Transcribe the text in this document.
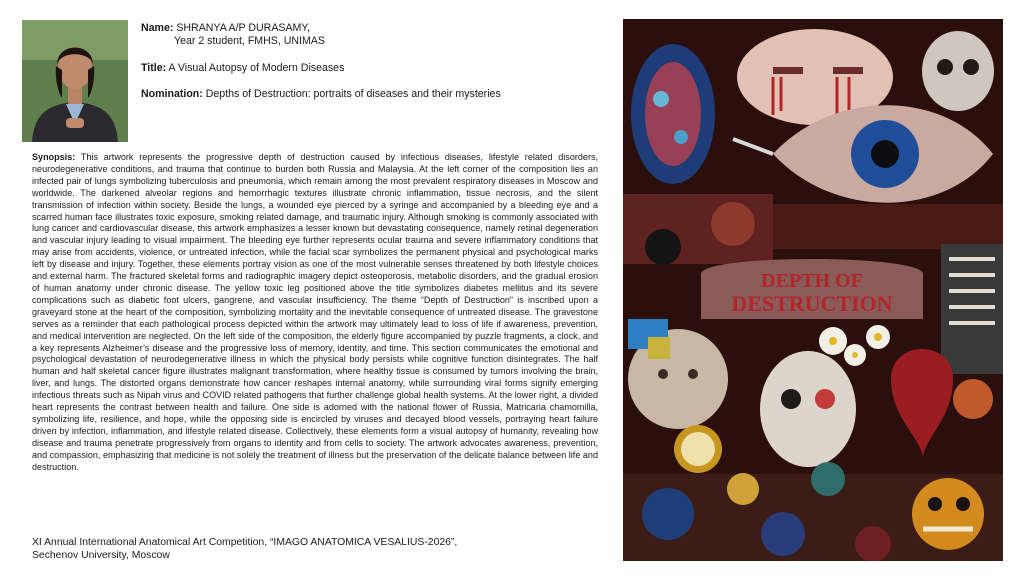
Name: SHRANYA A/P DURASAMY,
Year 2 student, FMHS, UNIMAS

Title: A Visual Autopsy of Modern Diseases

Nomination: Depths of Destruction: portraits of diseases and their mysteries

Synopsis: This artwork represents the progressive depth of destruction caused by infectious diseases, lifestyle related disorders, neurodegenerative conditions, and trauma that continue to burden both Russia and Malaysia. At the left corner of the composition lies an infected pair of lungs symbolizing tuberculosis and pneumonia, which remain among the most prevalent respiratory diseases in Moscow and worldwide. The darkened alveolar regions and hemorrhagic textures illustrate chronic inflammation, tissue necrosis, and the silent transmission of infection within society. Beside the lungs, a wounded eye pierced by a syringe and accompanied by a bleeding eye and a scarred human face illustrates toxic exposure, smoking related damage, and traumatic injury. Although smoking is commonly associated with lung cancer and cardiovascular disease, this artwork emphasizes a lesser known but devastating consequence, namely retinal degeneration and vascular injury leading to visual impairment. The bleeding eye further represents ocular trauma and severe inflammatory conditions that may arise from accidents, violence, or untreated infection, while the facial scar symbolizes the permanent physical and psychological marks left by disease and injury. Together, these elements portray vision as one of the most vulnerable senses threatened by both lifestyle choices and external harm. The fractured skeletal forms and radiographic imagery depict osteoporosis, metabolic disorders, and the gradual erosion of human anatomy under chronic disease. The yellow toxic leg positioned above the title symbolizes diabetes mellitus and its severe complications such as diabetic foot ulcers, gangrene, and vascular insufficiency. The theme “Depth of Destruction” is inscribed upon a graveyard stone at the heart of the composition, symbolizing mortality and the inevitable consequence of untreated disease. The gravestone serves as a reminder that each pathological process depicted within the artwork may ultimately lead to loss of life if awareness, prevention, and medical intervention are neglected. On the left side of the composition, the elderly figure accompanied by puzzle fragments, a clock, and a key represents Alzheimer’s disease and the progressive loss of memory, identity, and time. This section communicates the emotional and psychological devastation of neurodegenerative illness in which the physical body persists while cognitive function disintegrates. The half human and half skeletal cancer figure illustrates malignant transformation, where healthy tissue is consumed by tumors involving the brain, liver, and lungs. The distorted organs demonstrate how cancer reshapes internal anatomy, while surrounding viral forms signify emerging infectious threats such as Nipah virus and COVID related pathogens that further challenge global health systems. At the lower right, a divided heart represents the contrast between health and failure. One side is adorned with the national flower of Russia, Matricaria chamomilla, symbolizing life, resilience, and hope, while the opposing side is encircled by viruses and decayed blood vessels, portraying heart failure driven by infection, inflammation, and lifestyle related disease. Collectively, these elements form a visual autopsy of humanity, revealing how disease and trauma penetrate progressively from organs to identity and from cells to society. The artwork advocates awareness, prevention, and compassion, emphasizing that medicine is not solely the treatment of illness but the preservation of the delicate balance between life and destruction.

XI Annual International Anatomical Art Competition, “IMAGO ANATOMICA VESALIUS-2026”,
Sechenov University, Moscow
DEPTH OF
DESTRUCTION
